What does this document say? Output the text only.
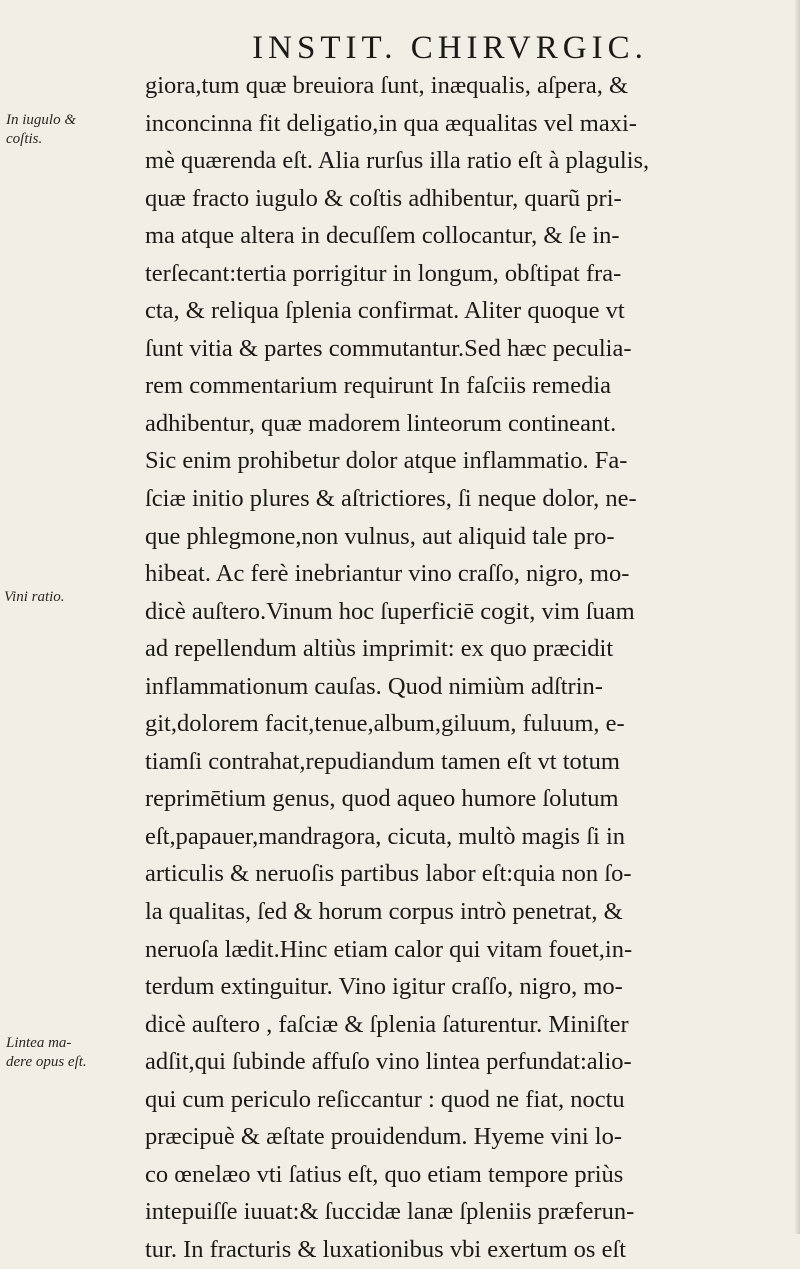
INSTIT. CHIRVRGIC.
In iugulo &
coſtis.
Vini ratio.
Lintea ma-
dere opus eſt.
giora,tum quæ breuiora ſunt, inæqualis, aſpera, &
inconcinna fit deligatio,in qua æqualitas vel maxi-
mè quærenda eſt. Alia rurſus illa ratio eſt à plagulis,
quæ fracto iugulo & coſtis adhibentur, quarũ pri-
ma atque altera in decuſſem collocantur, & ſe in-
terſecant:tertia porrigitur in longum, obſtipat fra-
cta, & reliqua ſplenia confirmat. Aliter quoque vt
ſunt vitia & partes commutantur.Sed hæc peculia-
rem commentarium requirunt In faſciis remedia
adhibentur, quæ madorem linteorum contineant.
Sic enim prohibetur dolor atque inflammatio. Fa-
ſciæ initio plures & aſtrictiores, ſi neque dolor, ne-
que phlegmone,non vulnus, aut aliquid tale pro-
hibeat. Ac ferè inebriantur vino craſſo, nigro, mo-
dicè auſtero.Vinum hoc ſuperficiē cogit, vim ſuam
ad repellendum altiùs imprimit: ex quo præcidit
inflammationum cauſas. Quod nimiùm adſtrin-
git,dolorem facit,tenue,album,giluum, fuluum, e-
tiamſi contrahat,repudiandum tamen eſt vt totum
reprimētium genus, quod aqueo humore ſolutum
eſt,papauer,mandragora, cicuta, multò magis ſi in
articulis & neruoſis partibus labor eſt:quia non ſo-
la qualitas, ſed & horum corpus intrò penetrat, &
neruoſa lædit.Hinc etiam calor qui vitam fouet,in-
terdum extinguitur. Vino igitur craſſo, nigro, mo-
dicè auſtero , faſciæ & ſplenia ſaturentur. Miniſter
adſit,qui ſubinde affuſo vino lintea perfundat:alio-
qui cum periculo reſiccantur : quod ne fiat, noctu
præcipuè & æſtate prouidendum. Hyeme vini lo-
co œnelæo vti ſatius eſt, quo etiam tempore priùs
intepuiſſe iuuat:& ſuccidæ lanæ ſpleniis præferun-
tur. In fracturis & luxationibus vbi exertum os eſt
